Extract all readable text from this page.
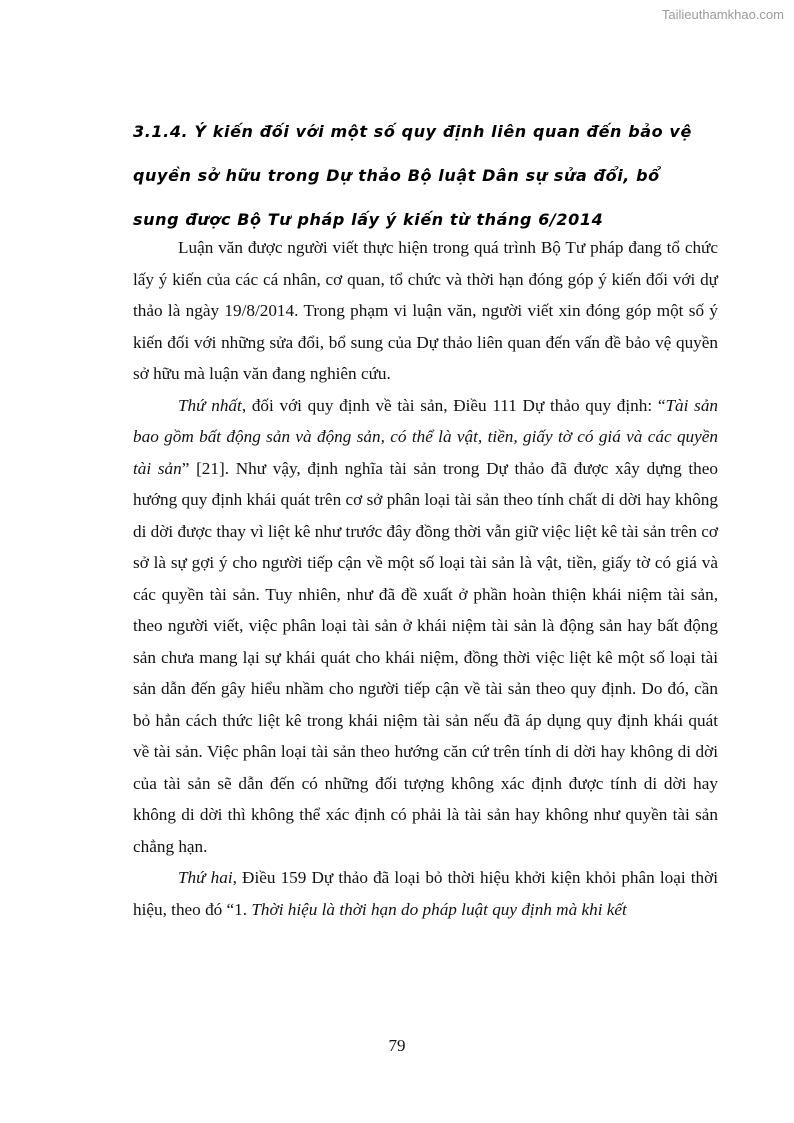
Tailieuthamkhao.com
3.1.4. Ý kiến đối với một số quy định liên quan đến bảo vệ
quyền sở hữu trong Dự thảo Bộ luật Dân sự sửa đổi, bổ
sung được Bộ Tư pháp lấy ý kiến từ tháng 6/2014

Luận văn được người viết thực hiện trong quá trình Bộ Tư pháp đang tổ chức lấy ý kiến của các cá nhân, cơ quan, tổ chức và thời hạn đóng góp ý kiến đối với dự thảo là ngày 19/8/2014. Trong phạm vi luận văn, người viết xin đóng góp một số ý kiến đối với những sửa đổi, bổ sung của Dự thảo liên quan đến vấn đề bảo vệ quyền sở hữu mà luận văn đang nghiên cứu.

Thứ nhất, đối với quy định về tài sản, Điều 111 Dự thảo quy định: “Tài sản bao gồm bất động sản và động sản, có thể là vật, tiền, giấy tờ có giá và các quyền tài sản” [21]. Như vậy, định nghĩa tài sản trong Dự thảo đã được xây dựng theo hướng quy định khái quát trên cơ sở phân loại tài sản theo tính chất di dời hay không di dời được thay vì liệt kê như trước đây đồng thời vẫn giữ việc liệt kê tài sản trên cơ sở là sự gợi ý cho người tiếp cận về một số loại tài sản là vật, tiền, giấy tờ có giá và các quyền tài sản. Tuy nhiên, như đã đề xuất ở phần hoàn thiện khái niệm tài sản, theo người viết, việc phân loại tài sản ở khái niệm tài sản là động sản hay bất động sản chưa mang lại sự khái quát cho khái niệm, đồng thời việc liệt kê một số loại tài sản dẫn đến gây hiểu nhầm cho người tiếp cận về tài sản theo quy định. Do đó, cần bỏ hẳn cách thức liệt kê trong khái niệm tài sản nếu đã áp dụng quy định khái quát về tài sản. Việc phân loại tài sản theo hướng căn cứ trên tính di dời hay không di dời của tài sản sẽ dẫn đến có những đối tượng không xác định được tính di dời hay không di dời thì không thể xác định có phải là tài sản hay không như quyền tài sản chẳng hạn.

Thứ hai, Điều 159 Dự thảo đã loại bỏ thời hiệu khởi kiện khỏi phân loại thời hiệu, theo đó “1. Thời hiệu là thời hạn do pháp luật quy định mà khi kết

79
